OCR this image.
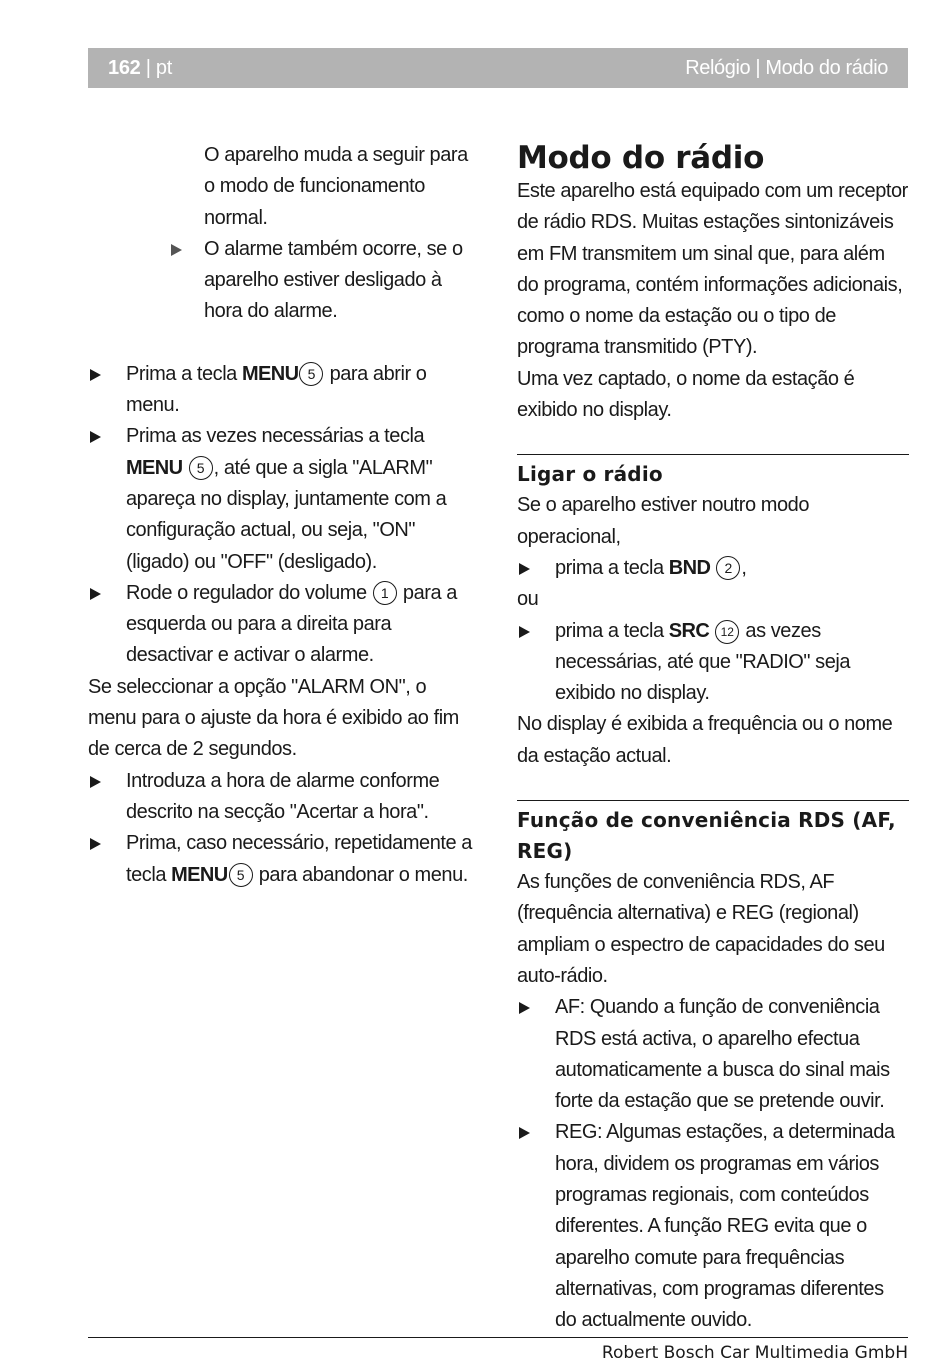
162 | pt	Relógio | Modo do rádio

O aparelho muda a seguir para o modo de funcionamento normal.

O alarme também ocorre, se o aparelho estiver desligado à hora do alarme.
Prima a tecla MENU 5 para abrir o menu.
Prima as vezes necessárias a tecla MENU 5 , até que a sigla "ALARM" apareça no display, juntamente com a configuração actual, ou seja, "ON" (ligado) ou "OFF" (desligado).
Rode o regulador do volume 1 para a esquerda ou para a direita para desactivar e activar o alarme.

Se seleccionar a opção "ALARM ON", o menu para o ajuste da hora é exibido ao fim de cerca de 2 segundos.

Introduza a hora de alarme conforme descrito na secção "Acertar a hora".
Prima, caso necessário, repetidamente a tecla MENU 5 para abandonar o menu.
Modo do rádio

Este aparelho está equipado com um receptor de rádio RDS. Muitas estações sintonizáveis em FM transmitem um sinal que, para além do programa, contém informações adicionais, como o nome da estação ou o tipo de programa transmitido (PTY).

Uma vez captado, o nome da estação é exibido no display.

Ligar o rádio

Se o aparelho estiver noutro modo operacional,

prima a tecla BND 2 ,

ou

prima a tecla SRC 12 as vezes necessárias, até que "RADIO" seja exibido no display.

No display é exibida a frequência ou o nome da estação actual.

Função de conveniência RDS (AF, REG)

As funções de conveniência RDS, AF (frequência alternativa) e REG (regional) ampliam o espectro de capacidades do seu auto-rádio.

AF: Quando a função de conveniência RDS está activa, o aparelho efectua automaticamente a busca do sinal mais forte da estação que se pretende ouvir.
REG: Algumas estações, a determinada hora, dividem os programas em vários programas regionais, com conteúdos diferentes. A função REG evita que o aparelho comute para frequências alternativas, com programas diferentes do actualmente ouvido.
Robert Bosch Car Multimedia GmbH
